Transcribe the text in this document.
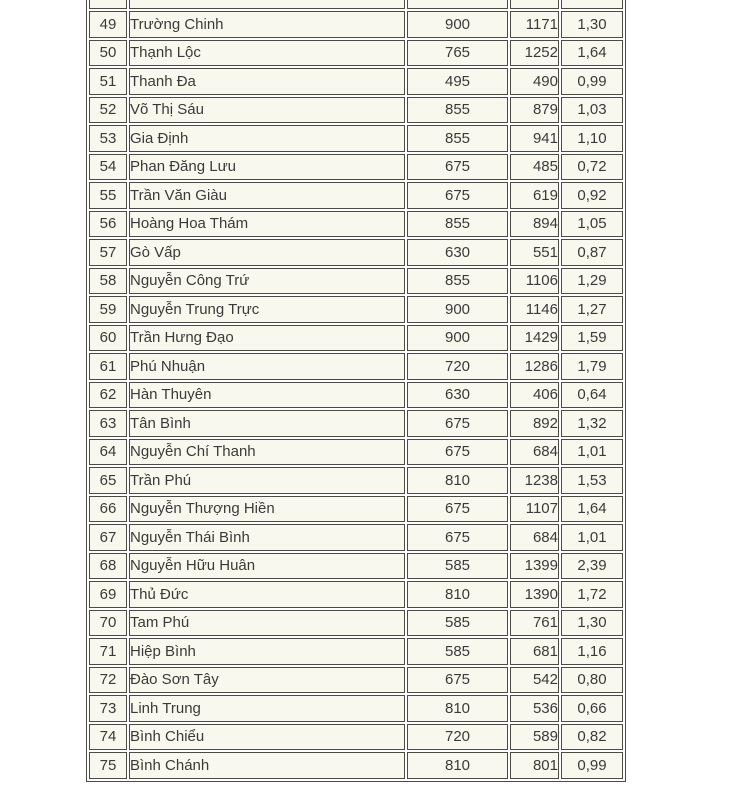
49	Trường Chinh	900	1171	1,30
50	Thạnh Lộc	765	1252	1,64
51	Thanh Đa	495	490	0,99
52	Võ Thị Sáu	855	879	1,03
53	Gia Định	855	941	1,10
54	Phan Đăng Lưu	675	485	0,72
55	Trần Văn Giàu	675	619	0,92
56	Hoàng Hoa Thám	855	894	1,05
57	Gò Vấp	630	551	0,87
58	Nguyễn Công Trứ	855	1106	1,29
59	Nguyễn Trung Trực	900	1146	1,27
60	Trần Hưng Đạo	900	1429	1,59
61	Phú Nhuận	720	1286	1,79
62	Hàn Thuyên	630	406	0,64
63	Tân Bình	675	892	1,32
64	Nguyễn Chí Thanh	675	684	1,01
65	Trần Phú	810	1238	1,53
66	Nguyễn Thượng Hiền	675	1107	1,64
67	Nguyễn Thái Bình	675	684	1,01
68	Nguyễn Hữu Huân	585	1399	2,39
69	Thủ Đức	810	1390	1,72
70	Tam Phú	585	761	1,30
71	Hiệp Bình	585	681	1,16
72	Đào Sơn Tây	675	542	0,80
73	Linh Trung	810	536	0,66
74	Bình Chiểu	720	589	0,82
75	Bình Chánh	810	801	0,99
